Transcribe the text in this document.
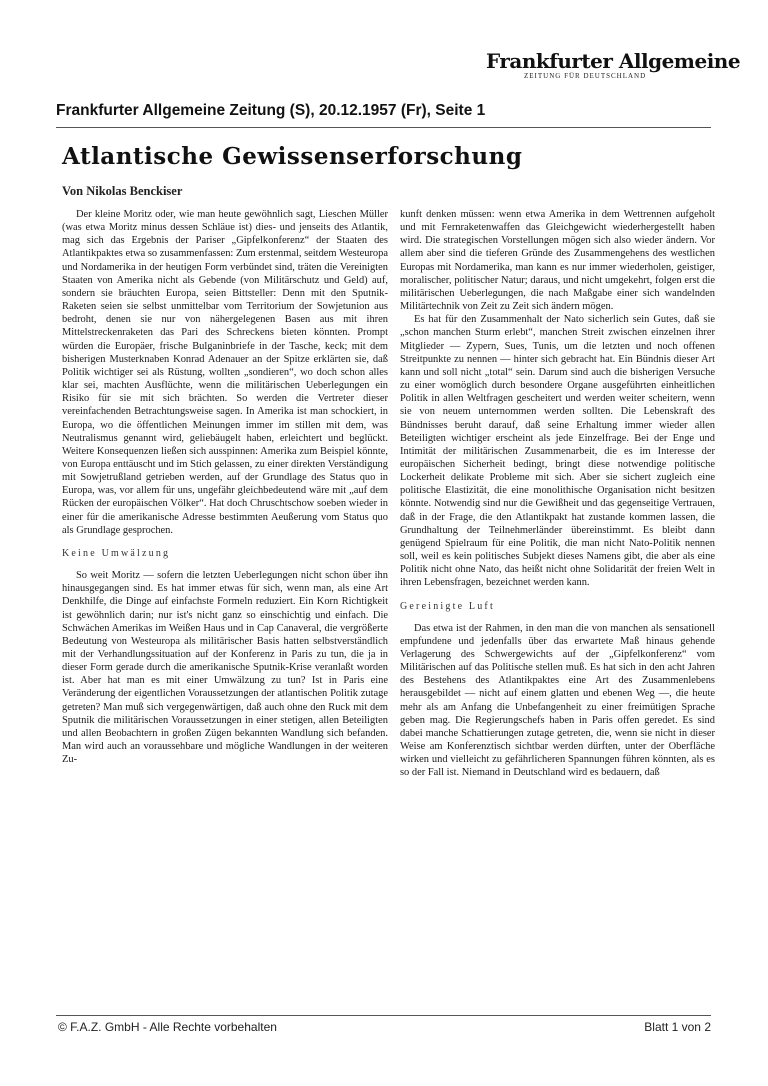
Frankfurter Allgemeine
ZEITUNG FÜR DEUTSCHLAND
Frankfurter Allgemeine Zeitung (S), 20.12.1957 (Fr), Seite 1
Atlantische Gewissenserforschung
Von Nikolas Benckiser

Der kleine Moritz oder, wie man heute gewöhnlich sagt, Lieschen Müller (was etwa Moritz minus dessen Schläue ist) dies- und jenseits des Atlantik, mag sich das Ergebnis der Pariser „Gipfelkonferenz“ der Staaten des Atlantikpaktes etwa so zusammenfassen: Zum erstenmal, seitdem Westeuropa und Nordamerika in der heutigen Form verbündet sind, träten die Vereinigten Staaten von Amerika nicht als Gebende (von Militärschutz und Geld) auf, sondern sie bräuchten Europa, seien Bittsteller: Denn mit den Sputnik-Raketen seien sie selbst unmittelbar vom Territorium der Sowjetunion aus bedroht, denen sie nur von nähergelegenen Basen aus mit ihren Mittelstreckenraketen das Pari des Schreckens bieten könnten. Prompt würden die Europäer, frische Bulganinbriefe in der Tasche, keck; mit dem bisherigen Musterknaben Konrad Adenauer an der Spitze erklärten sie, daß Politik wichtiger sei als Rüstung, wollten „sondieren“, wo doch schon alles klar sei, machten Ausflüchte, wenn die militärischen Ueberlegungen ein Risiko für sie mit sich brächten. So werden die Vertreter dieser vereinfachenden Betrachtungsweise sagen. In Amerika ist man schockiert, in Europa, wo die öffentlichen Meinungen immer im stillen mit dem, was Neutralismus genannt wird, geliebäugelt haben, erleichtert und beglückt. Weitere Konsequenzen ließen sich ausspinnen: Amerika zum Beispiel könnte, von Europa enttäuscht und im Stich gelassen, zu einer direkten Verständigung mit Sowjetrußland getrieben werden, auf der Grundlage des Status quo in Europa, was, vor allem für uns, ungefähr gleichbedeutend wäre mit „auf dem Rücken der europäischen Völker“. Hat doch Chruschtschow soeben wieder in einer für die amerikanische Adresse bestimmten Aeußerung vom Status quo als Grundlage gesprochen.

Keine Umwälzung

So weit Moritz — sofern die letzten Ueberlegungen nicht schon über ihn hinausgegangen sind. Es hat immer etwas für sich, wenn man, als eine Art Denkhilfe, die Dinge auf einfachste Formeln reduziert. Ein Korn Richtigkeit ist gewöhnlich darin; nur ist's nicht ganz so einschichtig und einfach. Die Schwächen Amerikas im Weißen Haus und in Cap Canaveral, die vergrößerte Bedeutung von Westeuropa als militärischer Basis hatten selbstverständlich mit der Verhandlungssituation auf der Konferenz in Paris zu tun, die ja in dieser Form gerade durch die amerikanische Sputnik-Krise veranlaßt worden ist. Aber hat man es mit einer Umwälzung zu tun? Ist in Paris eine Veränderung der eigentlichen Voraussetzungen der atlantischen Politik zutage getreten? Man muß sich vergegenwärtigen, daß auch ohne den Ruck mit dem Sputnik die militärischen Voraussetzungen in einer stetigen, allen Beteiligten und allen Beobachtern in großen Zügen bekannten Wandlung sich befanden. Man wird auch an voraussehbare und mögliche Wandlungen in der weiteren Zu-

kunft denken müssen: wenn etwa Amerika in dem Wettrennen aufgeholt und mit Fernraketenwaffen das Gleichgewicht wiederhergestellt haben wird. Die strategischen Vorstellungen mögen sich also wieder ändern. Vor allem aber sind die tieferen Gründe des Zusammengehens des westlichen Europas mit Nordamerika, man kann es nur immer wiederholen, geistiger, moralischer, politischer Natur; daraus, und nicht umgekehrt, folgen erst die militärischen Ueberlegungen, die nach Maßgabe einer sich wandelnden Militärtechnik von Zeit zu Zeit sich ändern mögen.

Es hat für den Zusammenhalt der Nato sicherlich sein Gutes, daß sie „schon manchen Sturm erlebt“, manchen Streit zwischen einzelnen ihrer Mitglieder — Zypern, Sues, Tunis, um die letzten und noch offenen Streitpunkte zu nennen — hinter sich gebracht hat. Ein Bündnis dieser Art kann und soll nicht „total“ sein. Darum sind auch die bisherigen Versuche zu einer womöglich durch besondere Organe ausgeführten einheitlichen Politik in allen Weltfragen gescheitert und werden weiter scheitern, wenn sie von neuem unternommen werden sollten. Die Lebenskraft des Bündnisses beruht darauf, daß seine Erhaltung immer wieder allen Beteiligten wichtiger erscheint als jede Einzelfrage. Bei der Enge und Intimität der militärischen Zusammenarbeit, die es im Interesse der europäischen Sicherheit bedingt, bringt diese notwendige politische Lockerheit delikate Probleme mit sich. Aber sie sichert zugleich eine politische Elastizität, die eine monolithische Organisation nicht besitzen könnte. Notwendig sind nur die Gewißheit und das gegenseitige Vertrauen, daß in der Frage, die den Atlantikpakt hat zustande kommen lassen, die Grundhaltung der Teilnehmerländer übereinstimmt. Es bleibt dann genügend Spielraum für eine Politik, die man nicht Nato-Politik nennen soll, weil es kein politisches Subjekt dieses Namens gibt, die aber als eine Politik nicht ohne Nato, das heißt nicht ohne Solidarität der freien Welt in ihren Lebensfragen, bezeichnet werden kann.

Gereinigte Luft

Das etwa ist der Rahmen, in den man die von manchen als sensationell empfundene und jedenfalls über das erwartete Maß hinaus gehende Verlagerung des Schwergewichts auf der „Gipfelkonferenz“ vom Militärischen auf das Politische stellen muß. Es hat sich in den acht Jahren des Bestehens des Atlantikpaktes eine Art des Zusammenlebens herausgebildet — nicht auf einem glatten und ebenen Weg —, die heute mehr als am Anfang die Unbefangenheit zu einer freimütigen Sprache geben mag. Die Regierungschefs haben in Paris offen geredet. Es sind dabei manche Schattierungen zutage getreten, die, wenn sie nicht in dieser Weise am Konferenztisch sichtbar werden dürften, unter der Oberfläche wirken und vielleicht zu gefährlicheren Spannungen führen könnten, als es so der Fall ist. Niemand in Deutschland wird es bedauern, daß

© F.A.Z. GmbH - Alle Rechte vorbehalten	Blatt 1 von 2
